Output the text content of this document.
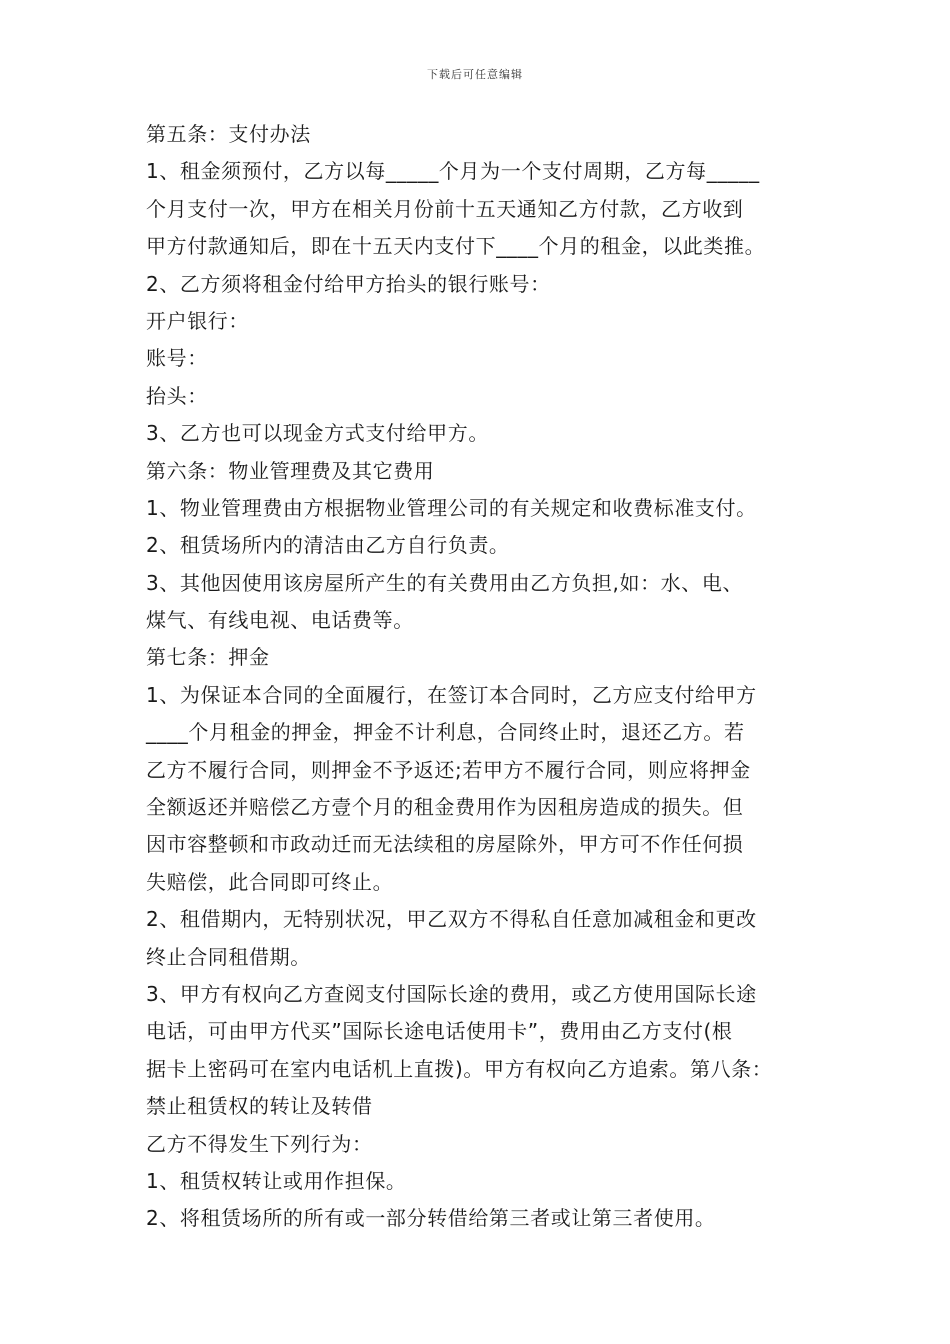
下载后可任意编辑
第五条：支付办法
1、租金须预付，乙方以每_____个月为一个支付周期，乙方每_____
个月支付一次，甲方在相关月份前十五天通知乙方付款，乙方收到
甲方付款通知后，即在十五天内支付下____个月的租金，以此类推。
2、乙方须将租金付给甲方抬头的银行账号：
开户银行：
账号：
抬头：
3、乙方也可以现金方式支付给甲方。
第六条：物业管理费及其它费用
1、物业管理费由方根据物业管理公司的有关规定和收费标准支付。
2、租赁场所内的清洁由乙方自行负责。
3、其他因使用该房屋所产生的有关费用由乙方负担,如：水、电、
煤气、有线电视、电话费等。
第七条：押金
1、为保证本合同的全面履行，在签订本合同时，乙方应支付给甲方
____个月租金的押金，押金不计利息，合同终止时，退还乙方。若
乙方不履行合同，则押金不予返还;若甲方不履行合同，则应将押金
全额返还并赔偿乙方壹个月的租金费用作为因租房造成的损失。但
因市容整顿和市政动迁而无法续租的房屋除外，甲方可不作任何损
失赔偿，此合同即可终止。
2、租借期内，无特别状况，甲乙双方不得私自任意加减租金和更改
终止合同租借期。
3、甲方有权向乙方查阅支付国际长途的费用，或乙方使用国际长途
电话，可由甲方代买”国际长途电话使用卡”，费用由乙方支付(根
据卡上密码可在室内电话机上直拨)。甲方有权向乙方追索。第八条：
禁止租赁权的转让及转借
乙方不得发生下列行为：
1、租赁权转让或用作担保。
2、将租赁场所的所有或一部分转借给第三者或让第三者使用。
